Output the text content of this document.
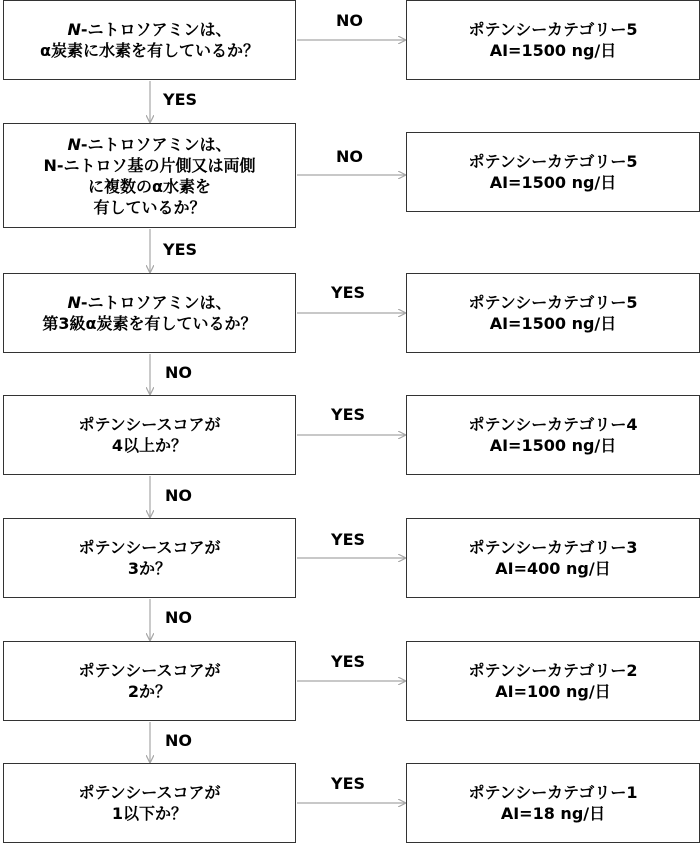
N-ニトロソアミンは、
α炭素に水素を有しているか？
N-ニトロソアミンは、
N-ニトロソ基の片側又は両側
に複数のα水素を
有しているか？
N-ニトロソアミンは、
第3級α炭素を有しているか？
ポテンシースコアが
4以上か？
ポテンシースコアが
3か？
ポテンシースコアが
2か？
ポテンシースコアが
1以下か？
ポテンシーカテゴリー5
AI=1500 ng/日
ポテンシーカテゴリー5
AI=1500 ng/日
ポテンシーカテゴリー5
AI=1500 ng/日
ポテンシーカテゴリー4
AI=1500 ng/日
ポテンシーカテゴリー3
AI=400 ng/日
ポテンシーカテゴリー2
AI=100 ng/日
ポテンシーカテゴリー1
AI=18 ng/日
NO
NO
YES
YES
YES
YES
YES
YES
YES
NO
NO
NO
NO
